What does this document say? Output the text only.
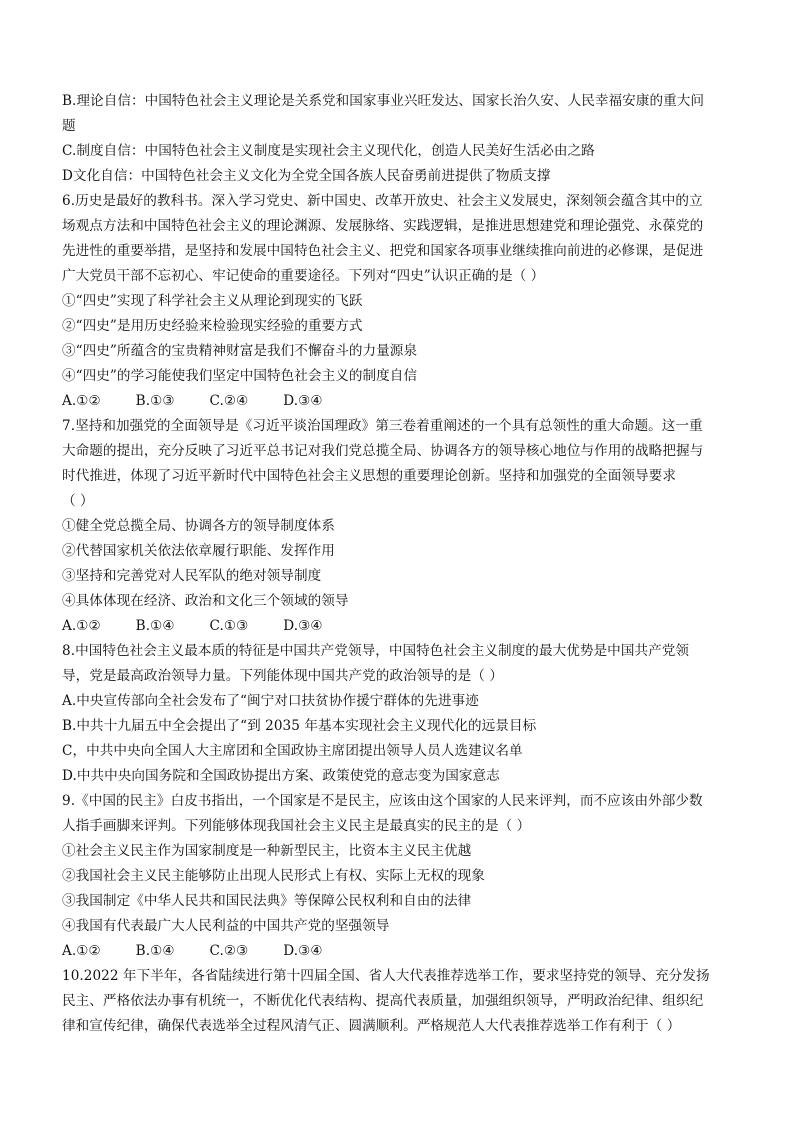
B.理论自信：中国特色社会主义理论是关系党和国家事业兴旺发达、国家长治久安、人民幸福安康的重大问
题
C.制度自信：中国特色社会主义制度是实现社会主义现代化，创造人民美好生活必由之路
D文化自信：中国特色社会主义文化为全党全国各族人民奋勇前进提供了物质支撑
6.历史是最好的教科书。深入学习党史、新中国史、改革开放史、社会主义发展史，深刻领会蕴含其中的立
场观点方法和中国特色社会主义的理论渊源、发展脉络、实践逻辑，是推进思想建党和理论强党、永葆党的
先进性的重要举措，是坚持和发展中国特色社会主义、把党和国家各项事业继续推向前进的必修课，是促进
广大党员干部不忘初心、牢记使命的重要途径。下列对“四史”认识正确的是（ ）
①“四史”实现了科学社会主义从理论到现实的飞跃
②“四史”是用历史经验来检验现实经验的重要方式
③“四史”所蕴含的宝贵精神财富是我们不懈奋斗的力量源泉
④“四史”的学习能使我们坚定中国特色社会主义的制度自信
A.①②        B.①③        C.②④        D.③④
7.坚持和加强党的全面领导是《习近平谈治国理政》第三卷着重阐述的一个具有总领性的重大命题。这一重
大命题的提出，充分反映了习近平总书记对我们党总揽全局、协调各方的领导核心地位与作用的战略把握与
时代推进，体现了习近平新时代中国特色社会主义思想的重要理论创新。坚持和加强党的全面领导要求
（ ）
①健全党总揽全局、协调各方的领导制度体系
②代替国家机关依法依章履行职能、发挥作用
③坚持和完善党对人民军队的绝对领导制度
④具体体现在经济、政治和文化三个领域的领导
A.①②        B.①④        C.①③        D.③④
8.中国特色社会主义最本质的特征是中国共产党领导，中国特色社会主义制度的最大优势是中国共产党领
导，党是最高政治领导力量。下列能体现中国共产党的政治领导的是（ ）
A.中央宣传部向全社会发布了“闽宁对口扶贫协作援宁群体的先进事迹
B.中共十九届五中全会提出了“到 2035 年基本实现社会主义现代化的远景目标
C，中共中央向全国人大主席团和全国政协主席团提出领导人员人选建议名单
D.中共中央向国务院和全国政协提出方案、政策使党的意志变为国家意志
9.《中国的民主》白皮书指出，一个国家是不是民主，应该由这个国家的人民来评判，而不应该由外部少数
人指手画脚来评判。下列能够体现我国社会主义民主是最真实的民主的是（ ）
①社会主义民主作为国家制度是一种新型民主，比资本主义民主优越
②我国社会主义民主能够防止出现人民形式上有权、实际上无权的现象
③我国制定《中华人民共和国民法典》等保障公民权利和自由的法律
④我国有代表最广大人民利益的中国共产党的坚强领导
A.①②        B.①④        C.②③        D.③④
10.2022 年下半年，各省陆续进行第十四届全国、省人大代表推荐选举工作，要求坚持党的领导、充分发扬
民主、严格依法办事有机统一，不断优化代表结构、提高代表质量，加强组织领导，严明政治纪律、组织纪
律和宣传纪律，确保代表选举全过程风清气正、圆满顺利。严格规范人大代表推荐选举工作有利于（ ）
